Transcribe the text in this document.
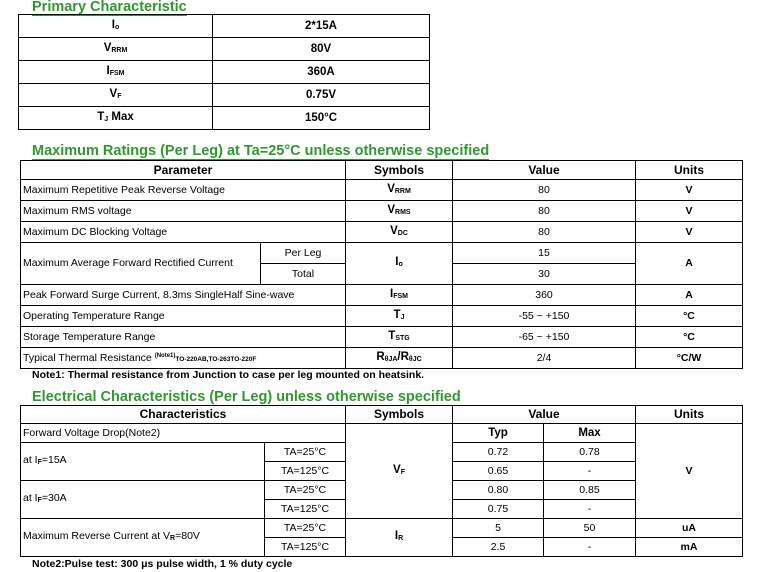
Primary Characteristic
Io	2*15A
VRRM	80V
IFSM	360A
VF	0.75V
TJ Max	150°C
Maximum Ratings (Per Leg) at Ta=25°C unless otherwise specified
Parameter		Symbols	Value	Units
Maximum Repetitive Peak Reverse Voltage		VRRM	80	V
Maximum RMS voltage		VRMS	80	V
Maximum DC Blocking Voltage		VDC	80	V
Maximum Average Forward Rectified Current	Per Leg	Io	15	A
	Total		30	
Peak Forward Surge Current, 8.3ms SingleHalf Sine-wave		IFSM	360	A
Operating Temperature Range		TJ	-55 ~ +150	°C
Storage Temperature Range		TSTG	-65 ~ +150	°C
Typical Thermal Resistance $^{(Note1)}$TO-220AB,TO-263TO-220F		RθJA/RθJC	2/4	°C/W
Note1: Thermal resistance from Junction to case per leg mounted on heatsink.
Electrical Characteristics (Per Leg) unless otherwise specified
Characteristics		Symbols	Value		Units
Forward Voltage Drop(Note2)		VF	Typ	Max	V
at IF=15A	TA=25°C		0.72	0.78	
	TA=125°C		0.65	-	
at IF=30A	TA=25°C		0.80	0.85	
	TA=125°C		0.75	-	
Maximum Reverse Current at VR=80V	TA=25°C	IR	5	50	uA
	TA=125°C		2.5	-	mA
Note2:Pulse test: 300 μs pulse width, 1 % duty cycle
